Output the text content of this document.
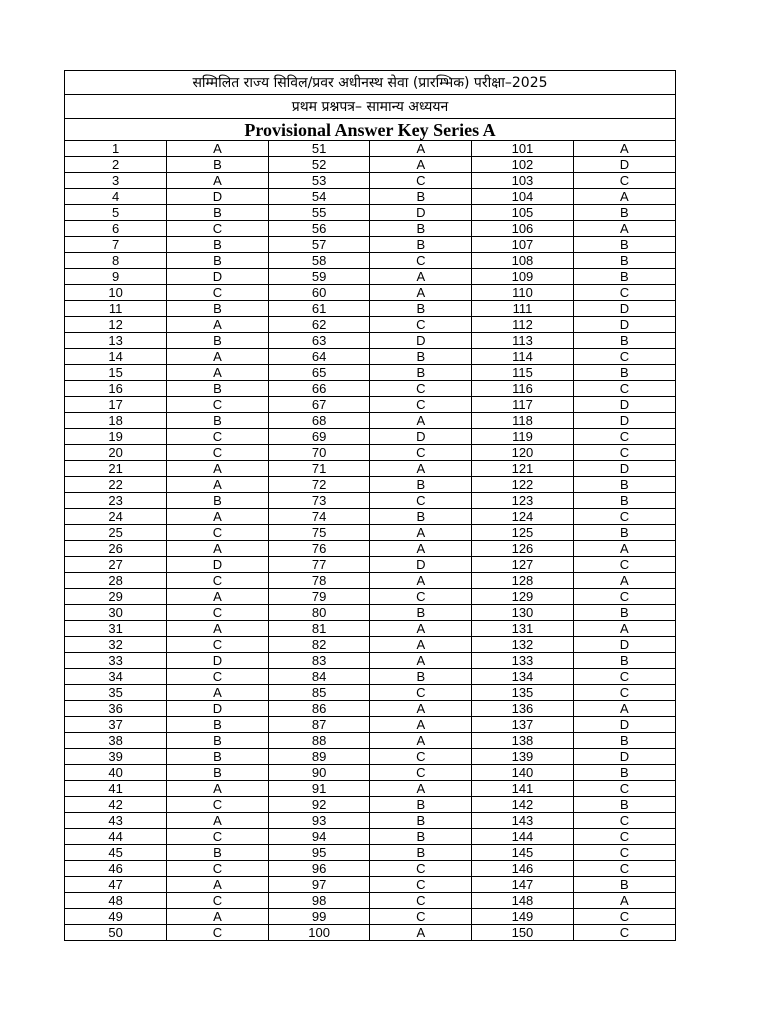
सम्मिलित राज्य सिविल/प्रवर अधीनस्थ सेवा (प्रारम्भिक) परीक्षा–2025
प्रथम प्रश्नपत्र– सामान्य अध्ययन
Provisional Answer Key Series A
1	A	51	A	101	A
2	B	52	A	102	D
3	A	53	C	103	C
4	D	54	B	104	A
5	B	55	D	105	B
6	C	56	B	106	A
7	B	57	B	107	B
8	B	58	C	108	B
9	D	59	A	109	B
10	C	60	A	110	C
11	B	61	B	111	D
12	A	62	C	112	D
13	B	63	D	113	B
14	A	64	B	114	C
15	A	65	B	115	B
16	B	66	C	116	C
17	C	67	C	117	D
18	B	68	A	118	D
19	C	69	D	119	C
20	C	70	C	120	C
21	A	71	A	121	D
22	A	72	B	122	B
23	B	73	C	123	B
24	A	74	B	124	C
25	C	75	A	125	B
26	A	76	A	126	A
27	D	77	D	127	C
28	C	78	A	128	A
29	A	79	C	129	C
30	C	80	B	130	B
31	A	81	A	131	A
32	C	82	A	132	D
33	D	83	A	133	B
34	C	84	B	134	C
35	A	85	C	135	C
36	D	86	A	136	A
37	B	87	A	137	D
38	B	88	A	138	B
39	B	89	C	139	D
40	B	90	C	140	B
41	A	91	A	141	C
42	C	92	B	142	B
43	A	93	B	143	C
44	C	94	B	144	C
45	B	95	B	145	C
46	C	96	C	146	C
47	A	97	C	147	B
48	C	98	C	148	A
49	A	99	C	149	C
50	C	100	A	150	C
